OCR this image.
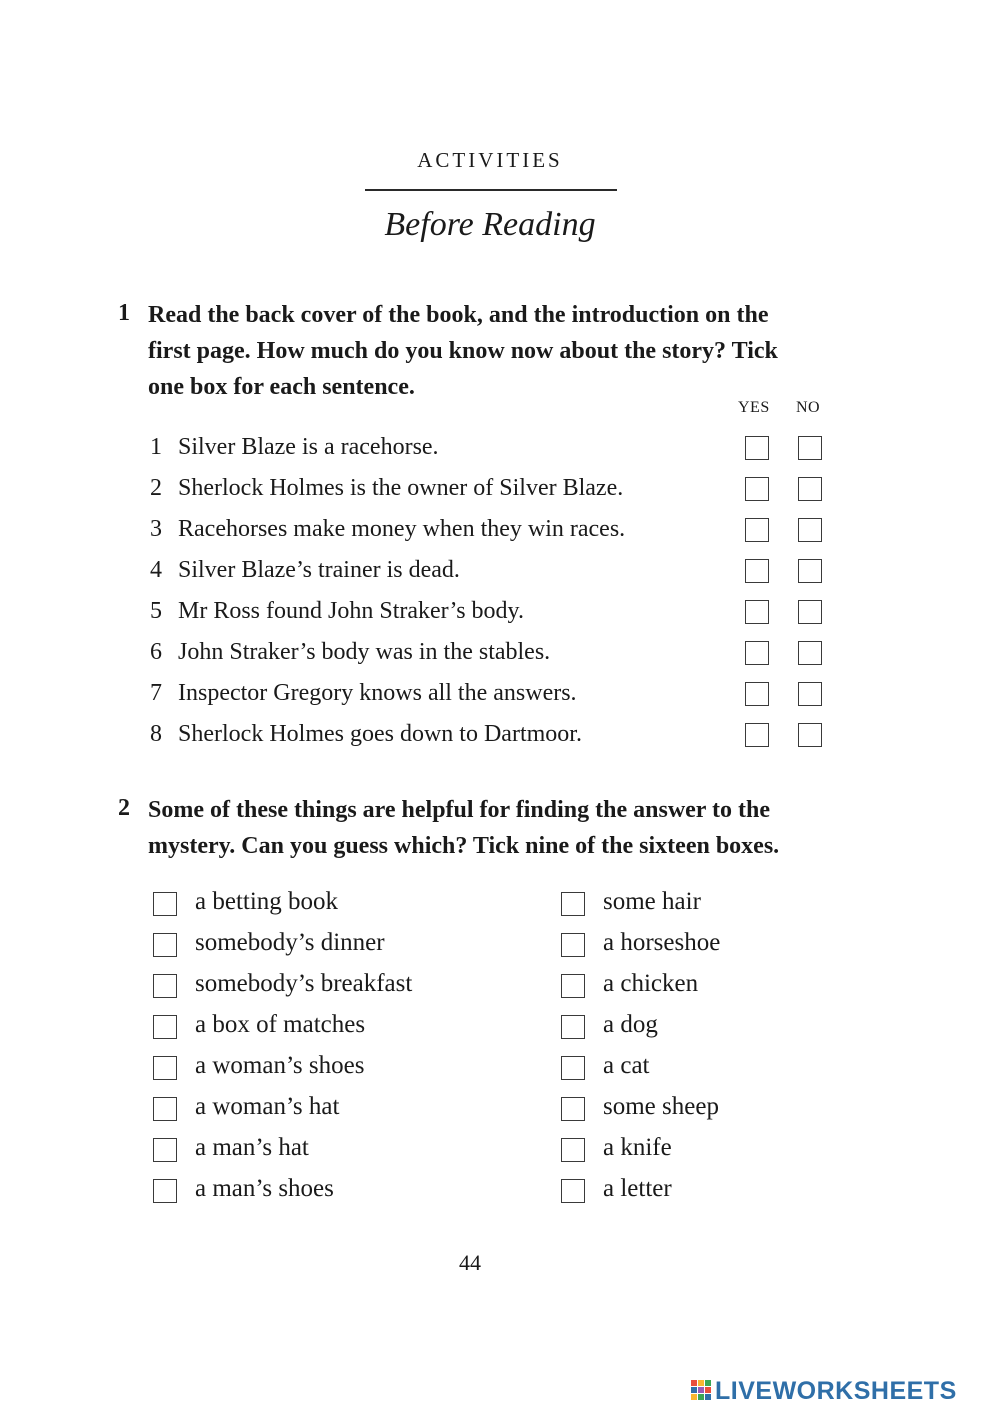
ACTIVITIES
Before Reading
1 Read the back cover of the book, and the introduction on the
first page. How much do you know now about the story? Tick
one box for each sentence.
YES NO
1 Silver Blaze is a racehorse.
2 Sherlock Holmes is the owner of Silver Blaze.
3 Racehorses make money when they win races.
4 Silver Blaze’s trainer is dead.
5 Mr Ross found John Straker’s body.
6 John Straker’s body was in the stables.
7 Inspector Gregory knows all the answers.
8 Sherlock Holmes goes down to Dartmoor.
2 Some of these things are helpful for finding the answer to the
mystery. Can you guess which? Tick nine of the sixteen boxes.
a betting book
somebody’s dinner
somebody’s breakfast
a box of matches
a woman’s shoes
a woman’s hat
a man’s hat
a man’s shoes
some hair
a horseshoe
a chicken
a dog
a cat
some sheep
a knife
a letter
44
LIVEWORKSHEETS
